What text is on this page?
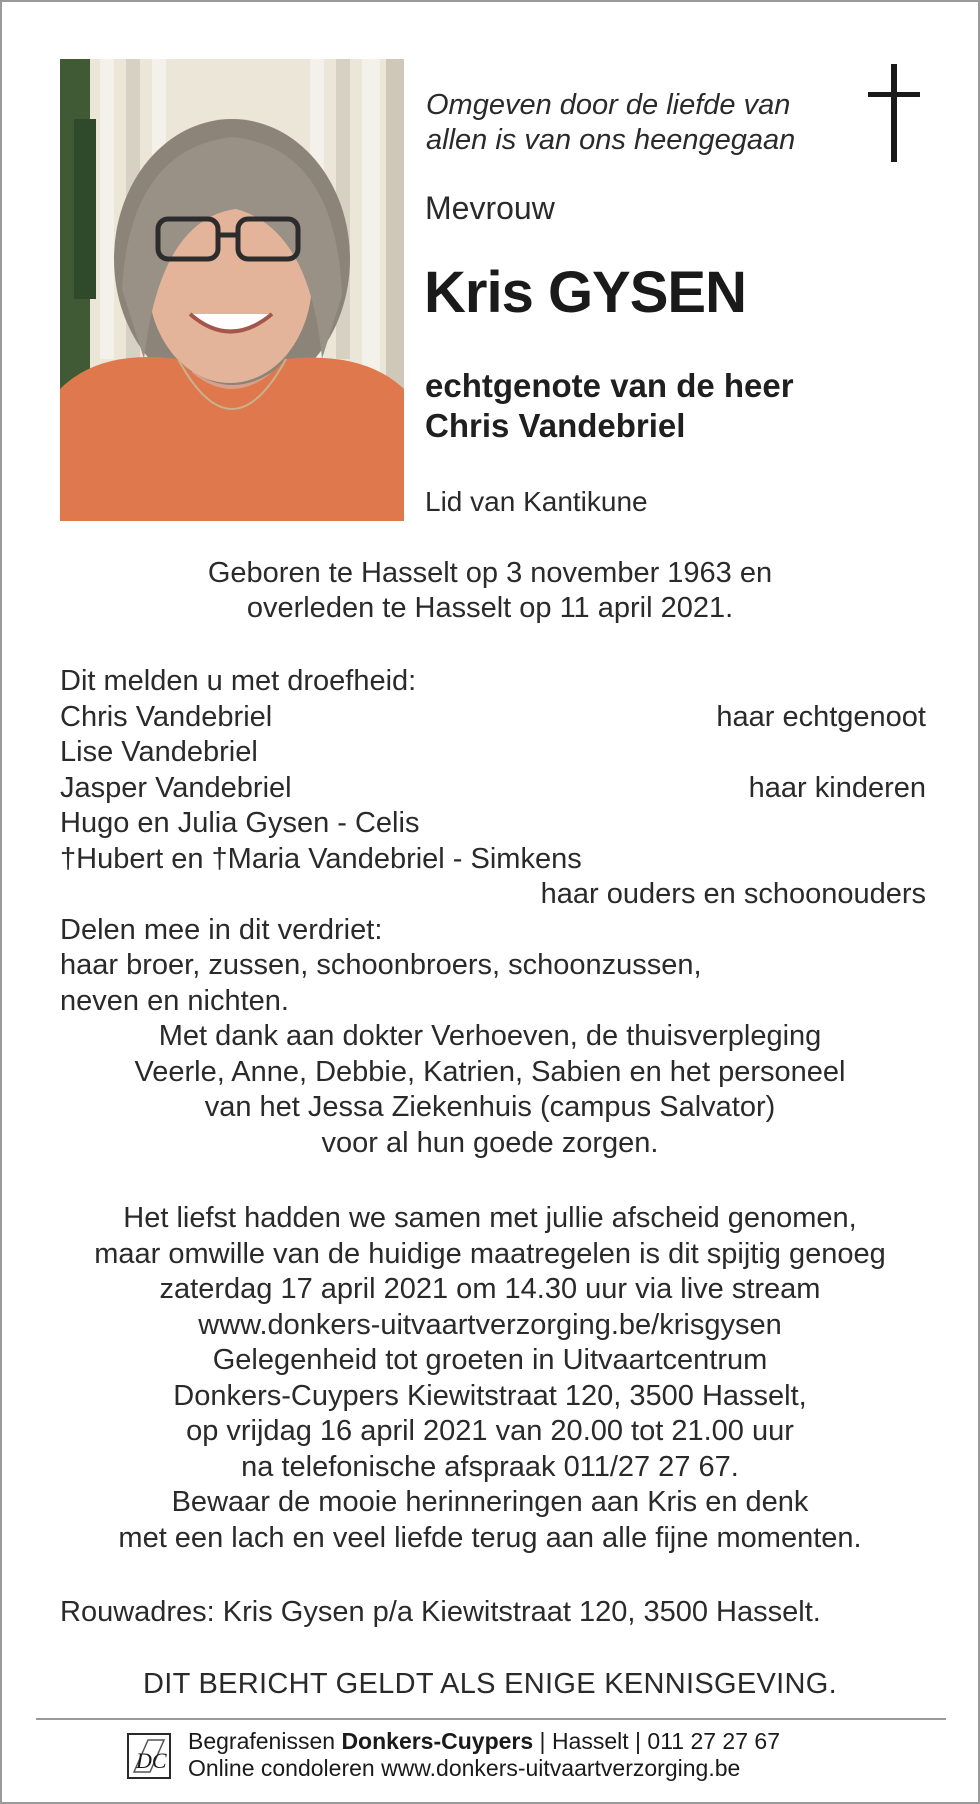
Omgeven door de liefde van
allen is van ons heengegaan
Mevrouw
Kris GYSEN
echtgenote van de heer
Chris Vandebriel
Lid van Kantikune
Geboren te Hasselt op 3 november 1963 en
overleden te Hasselt op 11 april 2021.
Dit melden u met droefheid:
Chris Vandebriel	haar echtgenoot
Lise Vandebriel
Jasper Vandebriel	haar kinderen
Hugo en Julia Gysen - Celis
†Hubert en †Maria Vandebriel - Simkens
haar ouders en schoonouders
Delen mee in dit verdriet:
haar broer, zussen, schoonbroers, schoonzussen,
neven en nichten.
Met dank aan dokter Verhoeven, de thuisverpleging
Veerle, Anne, Debbie, Katrien, Sabien en het personeel
van het Jessa Ziekenhuis (campus Salvator)
voor al hun goede zorgen.
Het liefst hadden we samen met jullie afscheid genomen,
maar omwille van de huidige maatregelen is dit spijtig genoeg
zaterdag 17 april 2021 om 14.30 uur via live stream
www.donkers-uitvaartverzorging.be/krisgysen
Gelegenheid tot groeten in Uitvaartcentrum
Donkers-Cuypers Kiewitstraat 120, 3500 Hasselt,
op vrijdag 16 april 2021 van 20.00 tot 21.00 uur
na telefonische afspraak 011/27 27 67.
Bewaar de mooie herinneringen aan Kris en denk
met een lach en veel liefde terug aan alle fijne momenten.
Rouwadres: Kris Gysen p/a Kiewitstraat 120, 3500 Hasselt.
DIT BERICHT GELDT ALS ENIGE KENNISGEVING.
DC
Begrafenissen Donkers-Cuypers | Hasselt | 011 27 27 67
Online condoleren www.donkers-uitvaartverzorging.be
